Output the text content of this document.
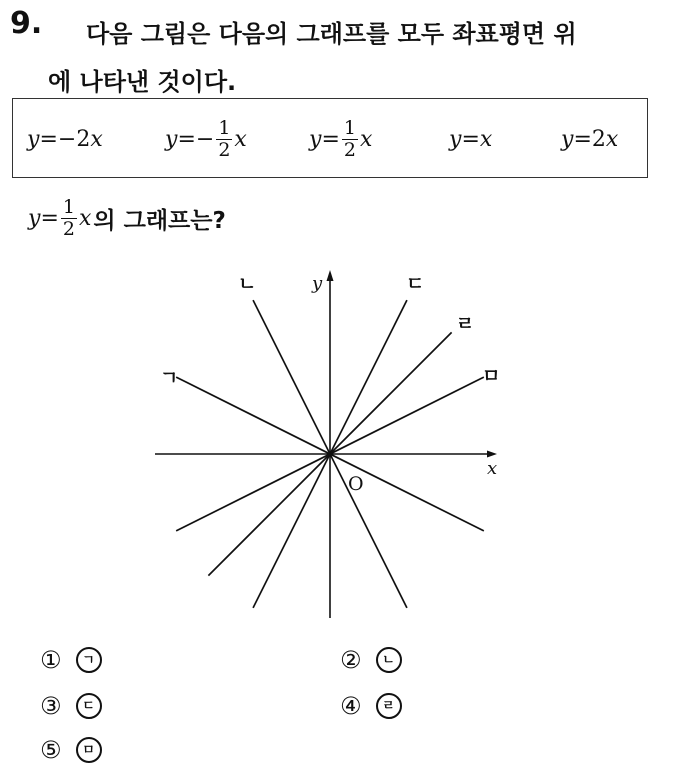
9. 다음 그림은 다음의 그래프를 모두 좌표평면 위
에 나타낸 것이다.

y =− 2 x	$y =- \frac{1}{2}$ x	$y = \frac{1}{2}$ x	y = x	y = 2 x
$y = \frac{1}{2}$ x 의 그래프는?
y
x
O
ㄱ
ㄴ	ㄷ
ㄹ
ㅁ
①	ㄱ	②	ㄴ
③	ㄷ	④	ㄹ
⑤	ㅁ
